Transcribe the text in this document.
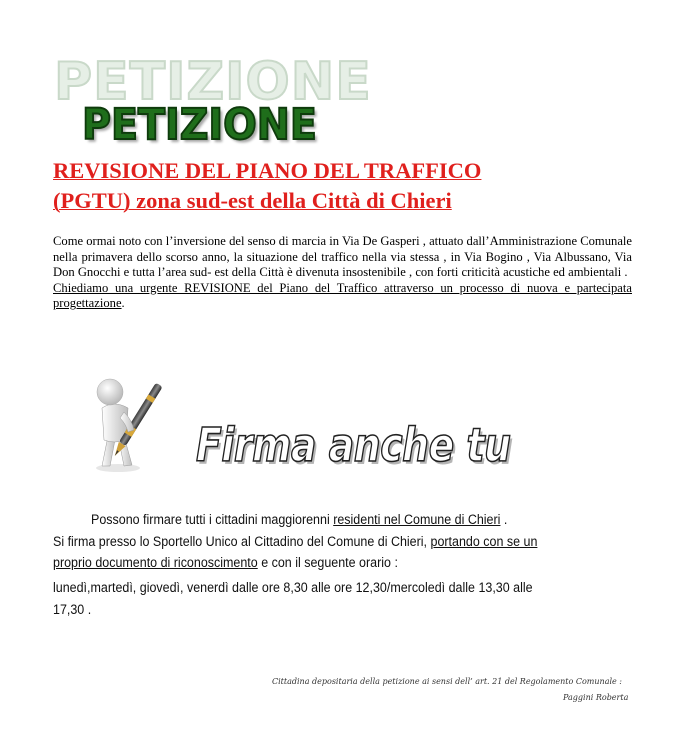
PETIZIONE
PETIZIONE
REVISIONE DEL PIANO DEL TRAFFICO
(PGTU) zona sud-est della Città di Chieri
Come ormai noto con l’inversione del senso di marcia in Via De Gasperi , attuato dall’Amministrazione Comunale nella primavera dello scorso anno, la situazione del traffico nella via stessa , in Via Bogino , Via Albussano, Via Don Gnocchi e tutta l’area sud- est della Città è divenuta insostenibile , con forti criticità acustiche ed ambientali .
Chiediamo una urgente REVISIONE del Piano del Traffico attraverso un processo di nuova e partecipata progettazione.
Firma anche tu
Possono firmare tutti i cittadini maggiorenni residenti nel Comune di Chieri .
Si firma presso lo Sportello Unico al Cittadino del Comune di Chieri, portando con se un
proprio documento di riconoscimento e con il seguente orario :
lunedì,martedì, giovedì, venerdì dalle ore 8,30 alle ore 12,30/mercoledì dalle 13,30 alle
17,30 .
Cittadina depositaria della petizione ai sensi dell’ art. 21 del Regolamento Comunale :
Paggini Roberta
